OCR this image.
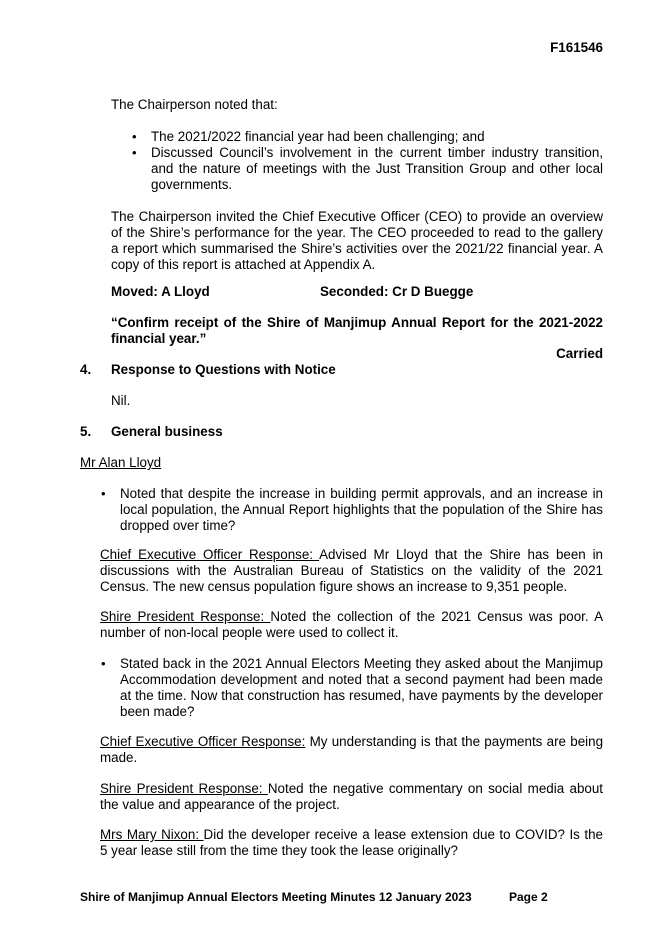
F161546
The Chairperson noted that:
• The 2021/2022 financial year had been challenging; and
• Discussed Council’s involvement in the current timber industry transition, and the nature of meetings with the Just Transition Group and other local governments.
The Chairperson invited the Chief Executive Officer (CEO) to provide an overview of the Shire’s performance for the year. The CEO proceeded to read to the gallery a report which summarised the Shire’s activities over the 2021/22 financial year. A copy of this report is attached at Appendix A.
Moved: A Lloyd	Seconded: Cr D Buegge
“Confirm receipt of the Shire of Manjimup Annual Report for the 2021-2022 financial year.”
Carried
4. Response to Questions with Notice
Nil.
5. General business
Mr Alan Lloyd
• Noted that despite the increase in building permit approvals, and an increase in local population, the Annual Report highlights that the population of the Shire has dropped over time?
Chief Executive Officer Response: Advised Mr Lloyd that the Shire has been in discussions with the Australian Bureau of Statistics on the validity of the 2021 Census. The new census population figure shows an increase to 9,351 people.
Shire President Response: Noted the collection of the 2021 Census was poor. A number of non-local people were used to collect it.
• Stated back in the 2021 Annual Electors Meeting they asked about the Manjimup Accommodation development and noted that a second payment had been made at the time. Now that construction has resumed, have payments by the developer been made?
Chief Executive Officer Response: My understanding is that the payments are being made.
Shire President Response: Noted the negative commentary on social media about the value and appearance of the project.
Mrs Mary Nixon: Did the developer receive a lease extension due to COVID? Is the 5 year lease still from the time they took the lease originally?
Shire of Manjimup Annual Electors Meeting Minutes 12 January 2023	Page 2
